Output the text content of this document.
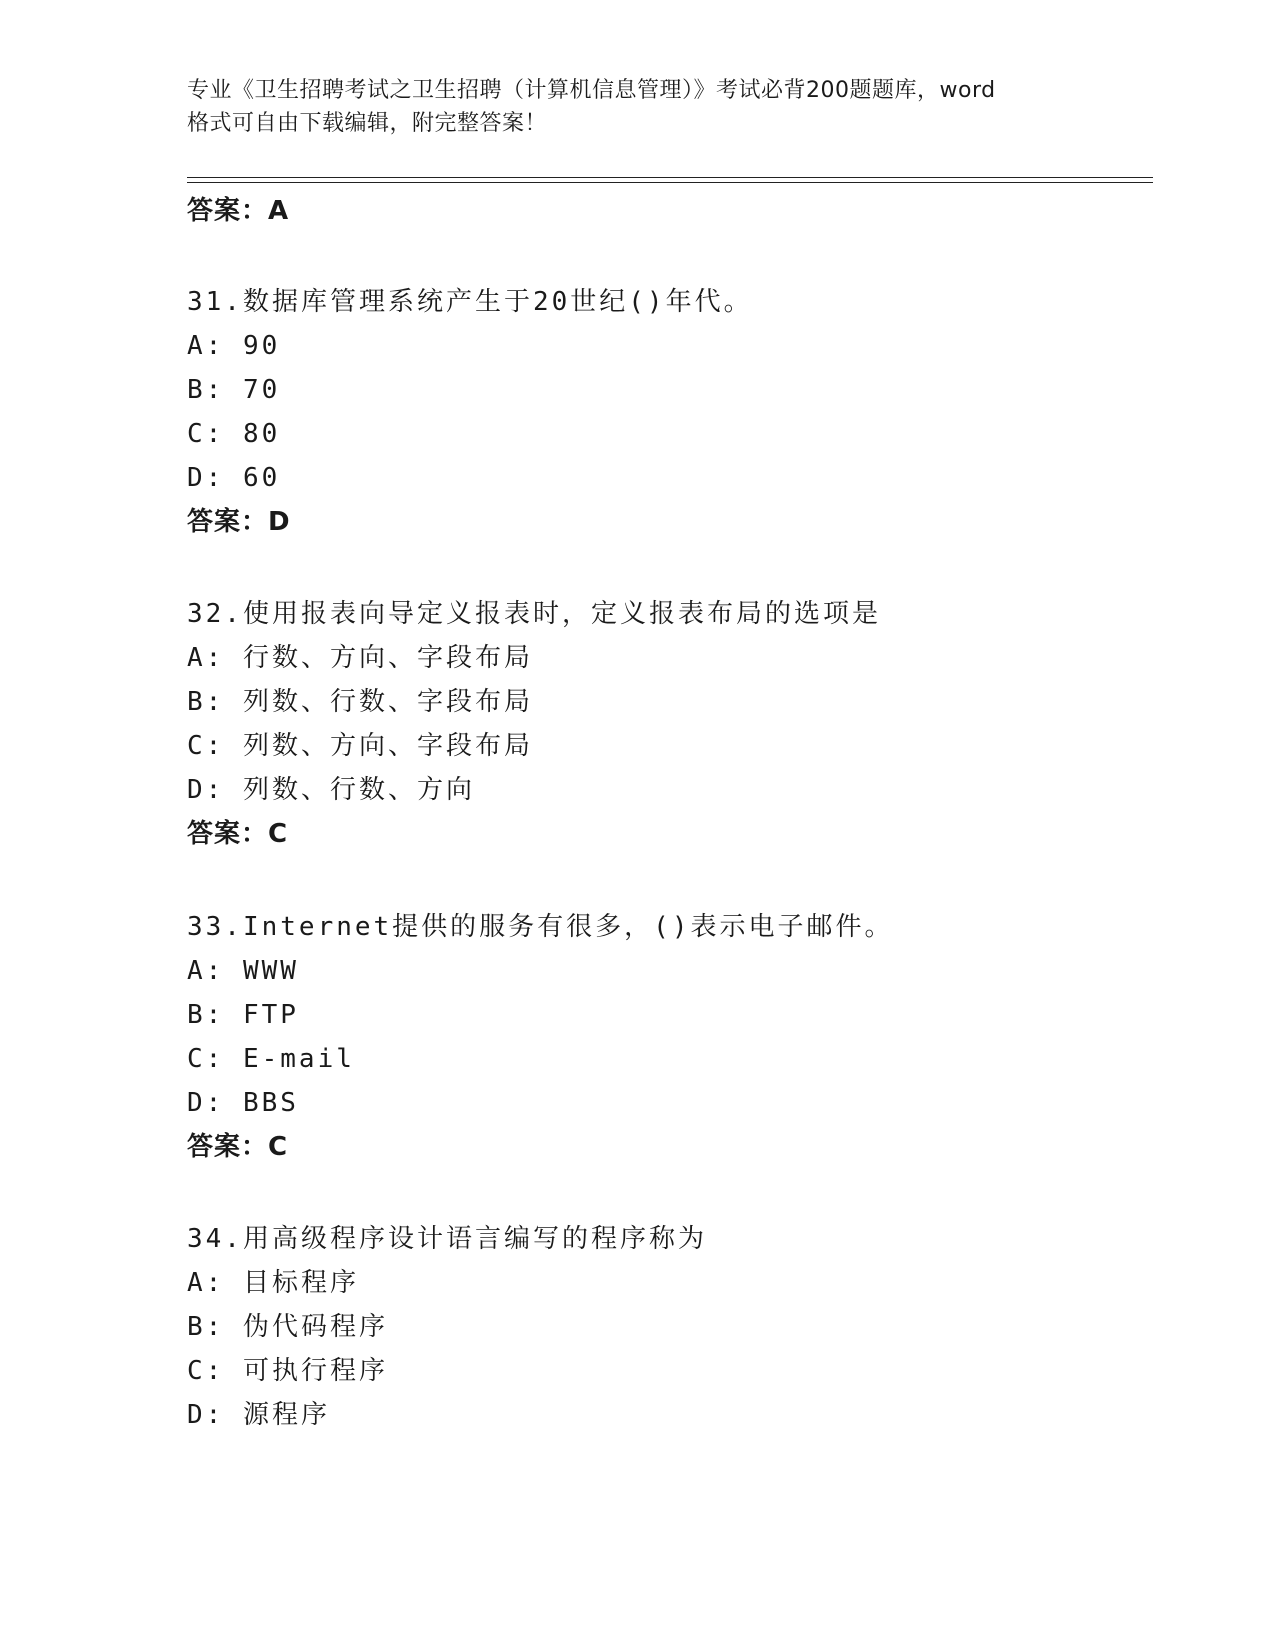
专业《卫生招聘考试之卫生招聘（计算机信息管理）》考试必背200题题库，word
格式可自由下载编辑，附完整答案！
答案：A
31.数据库管理系统产生于20世纪()年代。
A: 90
B: 70
C: 80
D: 60
答案：D
32.使用报表向导定义报表时，定义报表布局的选项是
A: 行数、方向、字段布局
B: 列数、行数、字段布局
C: 列数、方向、字段布局
D: 列数、行数、方向
答案：C
33.Internet提供的服务有很多，()表示电子邮件。
A: WWW
B: FTP
C: E-mail
D: BBS
答案：C
34.用高级程序设计语言编写的程序称为
A: 目标程序
B: 伪代码程序
C: 可执行程序
D: 源程序
